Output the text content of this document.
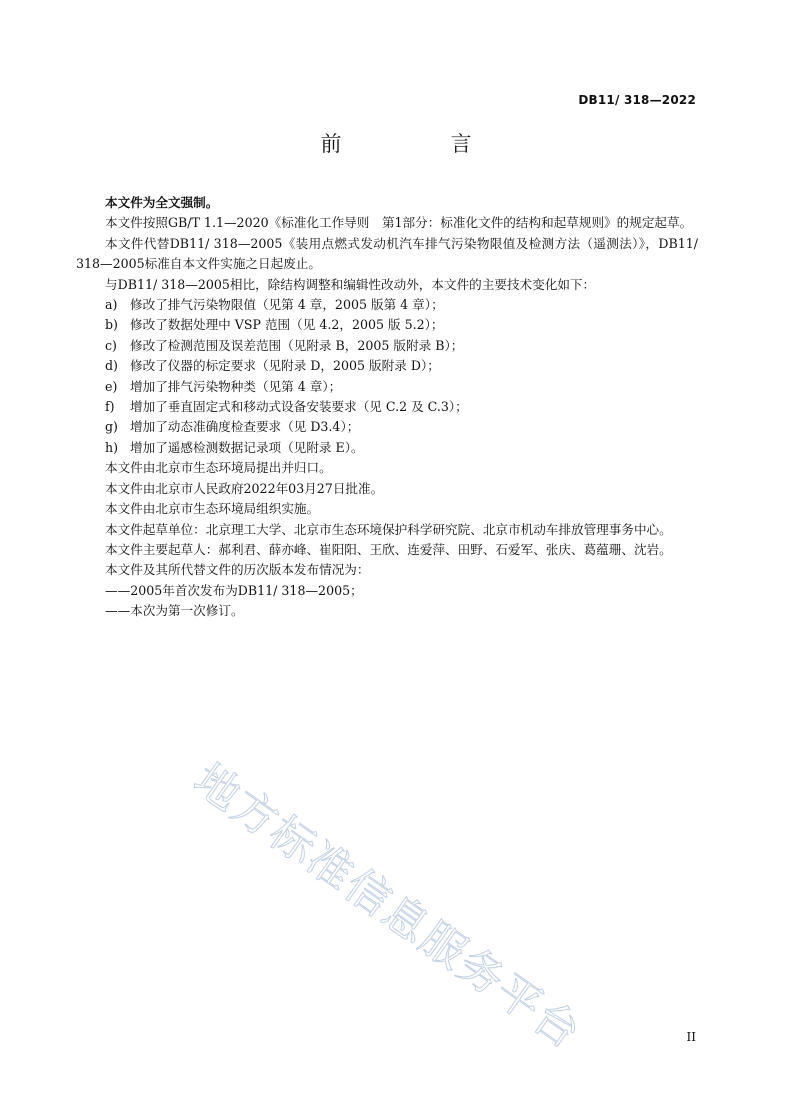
DB11/ 318—2022
前　言

本文件为全文强制。

本文件按照GB/T 1.1—2020《标准化工作导则　第1部分：标准化文件的结构和起草规则》的规定起草。

本文件代替DB11/ 318—2005《装用点燃式发动机汽车排气污染物限值及检测方法（遥测法）》，DB11/ 318—2005标准自本文件实施之日起废止。

与DB11/ 318—2005相比，除结构调整和编辑性改动外，本文件的主要技术变化如下：

a) 修改了排气污染物限值（见第 4 章，2005 版第 4 章）；

b) 修改了数据处理中 VSP 范围（见 4.2，2005 版 5.2）；

c) 修改了检测范围及误差范围（见附录 B，2005 版附录 B）；

d) 修改了仪器的标定要求（见附录 D，2005 版附录 D）；

e) 增加了排气污染物种类（见第 4 章）；

f) 增加了垂直固定式和移动式设备安装要求（见 C.2 及 C.3）；

g) 增加了动态准确度检查要求（见 D3.4）；

h) 增加了遥感检测数据记录项（见附录 E）。

本文件由北京市生态环境局提出并归口。

本文件由北京市人民政府2022年03月27日批准。

本文件由北京市生态环境局组织实施。

本文件起草单位：北京理工大学、北京市生态环境保护科学研究院、北京市机动车排放管理事务中心。

本文件主要起草人：郝利君、薛亦峰、崔阳阳、王欣、连爱萍、田野、石爱军、张庆、葛蕴珊、沈岩。

本文件及其所代替文件的历次版本发布情况为：

——2005年首次发布为DB11/ 318—2005；

——本次为第一次修订。

地方标准信息服务平台	II
